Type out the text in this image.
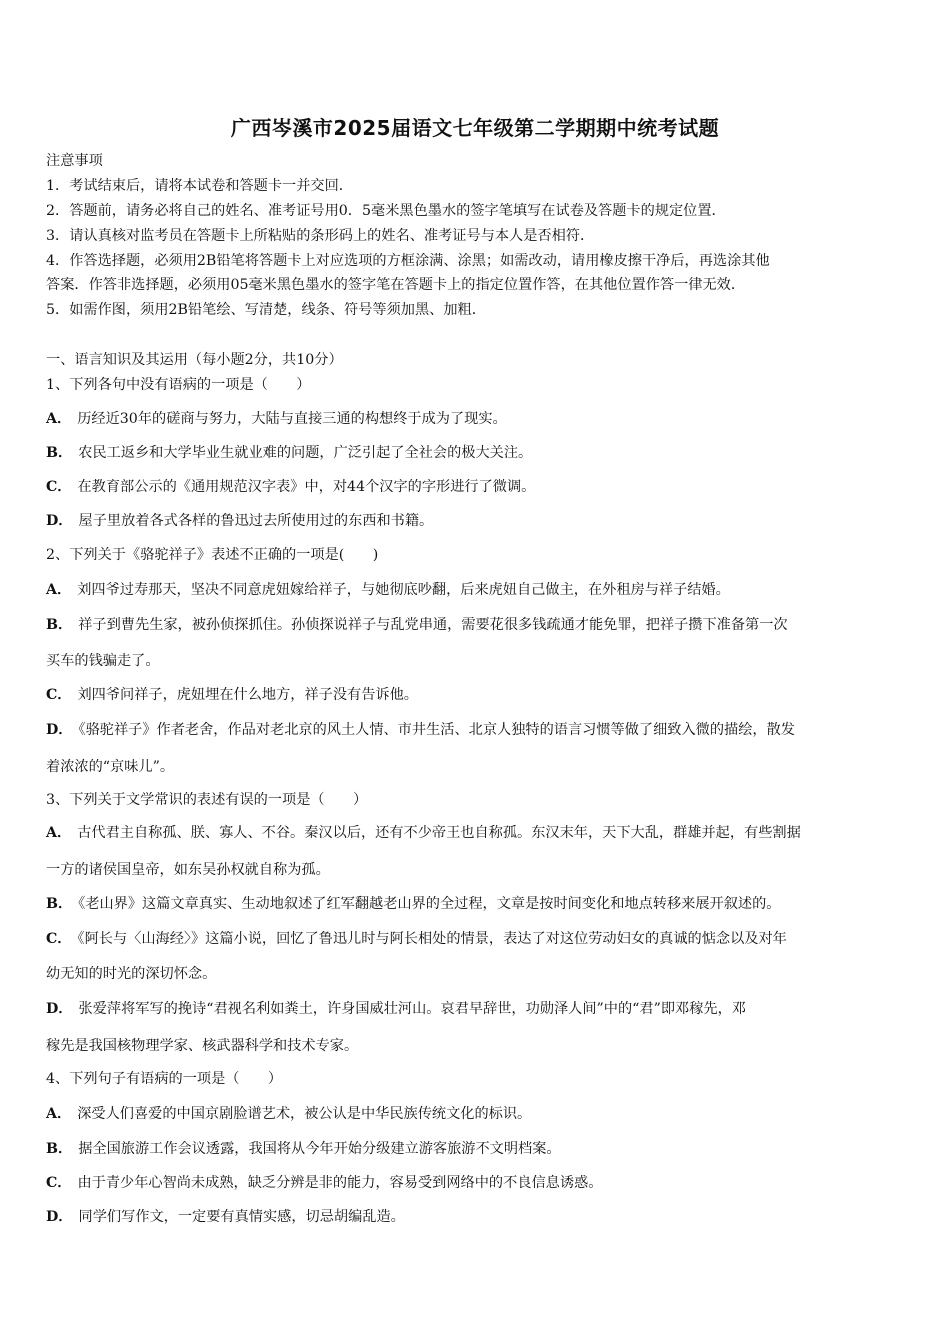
广西岑溪市2025届语文七年级第二学期期中统考试题
注意事项
1．考试结束后，请将本试卷和答题卡一并交回．
2．答题前，请务必将自己的姓名、准考证号用0．5毫米黑色墨水的签字笔填写在试卷及答题卡的规定位置．
3．请认真核对监考员在答题卡上所粘贴的条形码上的姓名、准考证号与本人是否相符．
4．作答选择题，必须用2B铅笔将答题卡上对应选项的方框涂满、涂黑；如需改动，请用橡皮擦干净后，再选涂其他
答案．作答非选择题，必须用05毫米黑色墨水的签字笔在答题卡上的指定位置作答，在其他位置作答一律无效．
5．如需作图，须用2B铅笔绘、写清楚，线条、符号等须加黑、加粗．
一、语言知识及其运用（每小题2分，共10分）
1、下列各句中没有语病的一项是（　　）
A． 历经近30年的磋商与努力，大陆与直接三通的构想终于成为了现实。
B． 农民工返乡和大学毕业生就业难的问题，广泛引起了全社会的极大关注。
C． 在教育部公示的《通用规范汉字表》中，对44个汉字的字形进行了微调。
D． 屋子里放着各式各样的鲁迅过去所使用过的东西和书籍。
2、下列关于《骆驼祥子》表述不正确的一项是(　　)
A． 刘四爷过寿那天，坚决不同意虎妞嫁给祥子，与她彻底吵翻，后来虎妞自己做主，在外租房与祥子结婚。
B． 祥子到曹先生家，被孙侦探抓住。孙侦探说祥子与乱党串通，需要花很多钱疏通才能免罪，把祥子攒下准备第一次
买车的钱骗走了。
C． 刘四爷问祥子，虎妞埋在什么地方，祥子没有告诉他。
D． 《骆驼祥子》作者老舍，作品对老北京的风土人情、市井生活、北京人独特的语言习惯等做了细致入微的描绘，散发
着浓浓的“京味儿”。
3、下列关于文学常识的表述有误的一项是（　　）
A． 古代君主自称孤、朕、寡人、不谷。秦汉以后，还有不少帝王也自称孤。东汉末年，天下大乱，群雄并起，有些割据
一方的诸侯国皇帝，如东吴孙权就自称为孤。
B． 《老山界》这篇文章真实、生动地叙述了红军翻越老山界的全过程，文章是按时间变化和地点转移来展开叙述的。
C． 《阿长与〈山海经〉》这篇小说，回忆了鲁迅儿时与阿长相处的情景，表达了对这位劳动妇女的真诚的惦念以及对年
幼无知的时光的深切怀念。
D． 张爱萍将军写的挽诗“君视名利如粪土，许身国威壮河山。哀君早辞世，功勋泽人间”中的“君”即邓稼先，邓
稼先是我国核物理学家、核武器科学和技术专家。
4、下列句子有语病的一项是（　　）
A． 深受人们喜爱的中国京剧脸谱艺术，被公认是中华民族传统文化的标识。
B． 据全国旅游工作会议透露，我国将从今年开始分级建立游客旅游不文明档案。
C． 由于青少年心智尚未成熟，缺乏分辨是非的能力，容易受到网络中的不良信息诱惑。
D． 同学们写作文，一定要有真情实感，切忌胡编乱造。
